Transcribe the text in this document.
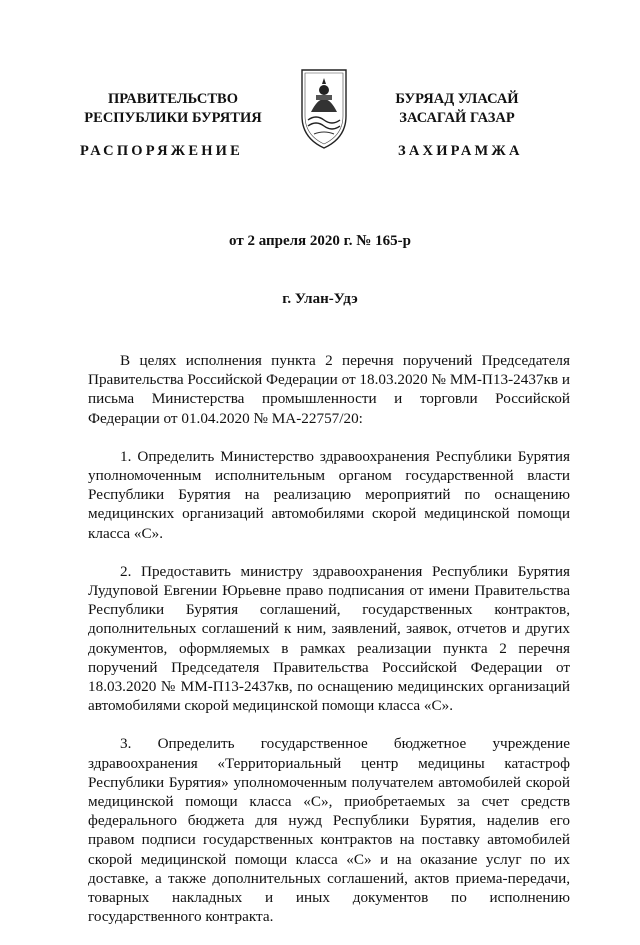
ПРАВИТЕЛЬСТВО
РЕСПУБЛИКИ БУРЯТИЯ
РАСПОРЯЖЕНИЕ
БУРЯАД УЛАСАЙ
ЗАСАГАЙ ГАЗАР
ЗАХИРАМЖА
от 2 апреля 2020 г. № 165-р
г. Улан-Удэ

В целях исполнения пункта 2 перечня поручений Председателя Правительства Российской Федерации от 18.03.2020 № ММ-П13-2437кв и письма Министерства промышленности и торговли Российской Федерации от 01.04.2020 № МА-22757/20:

1. Определить Министерство здравоохранения Республики Бурятия уполномоченным исполнительным органом государственной власти Республики Бурятия на реализацию мероприятий по оснащению медицинских организаций автомобилями скорой медицинской помощи класса «С».

2. Предоставить министру здравоохранения Республики Бурятия Лудуповой Евгении Юрьевне право подписания от имени Правительства Республики Бурятия соглашений, государственных контрактов, дополнительных соглашений к ним, заявлений, заявок, отчетов и других документов, оформляемых в рамках реализации пункта 2 перечня поручений Председателя Правительства Российской Федерации от 18.03.2020 № ММ-П13-2437кв, по оснащению медицинских организаций автомобилями скорой медицинской помощи класса «С».

3. Определить государственное бюджетное учреждение здравоохранения «Территориальный центр медицины катастроф Республики Бурятия» уполномоченным получателем автомобилей скорой медицинской помощи класса «С», приобретаемых за счет средств федерального бюджета для нужд Республики Бурятия, наделив его правом подписи государственных контрактов на поставку автомобилей скорой медицинской помощи класса «С» и на оказание услуг по их доставке, а также дополнительных соглашений, актов приема-передачи, товарных накладных и иных документов по исполнению государственного контракта.
